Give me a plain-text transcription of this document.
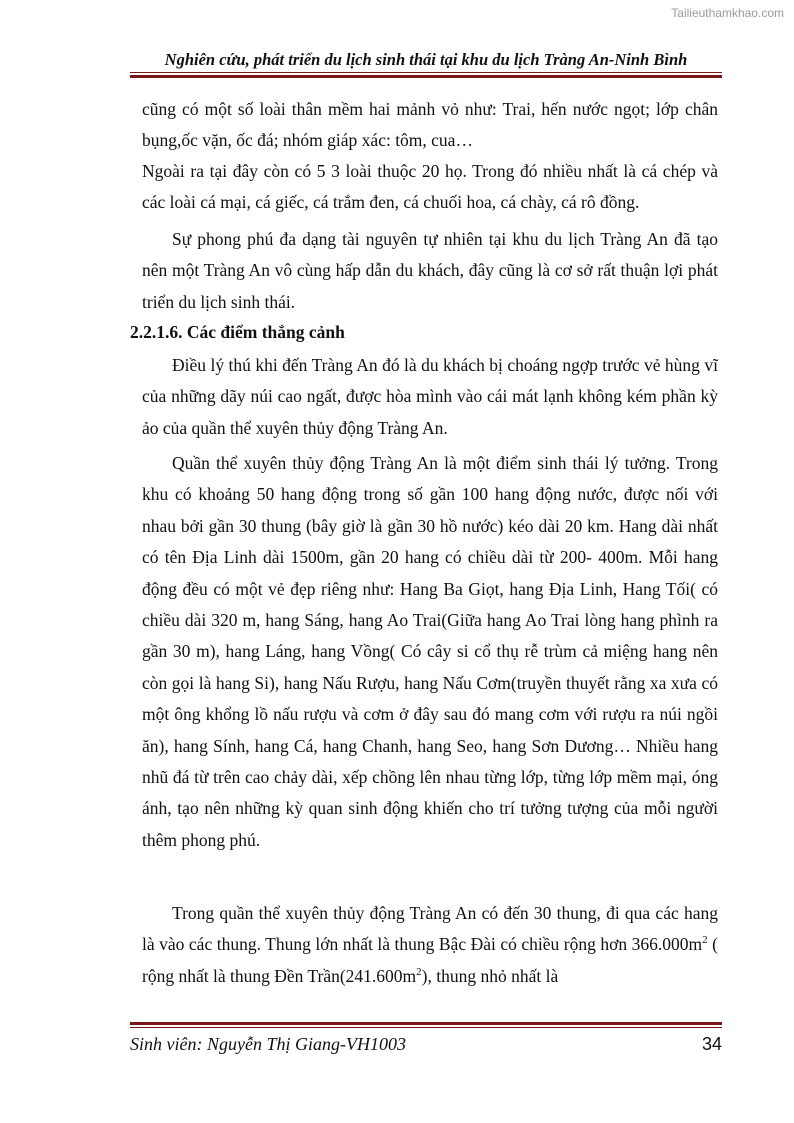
Tailieuthamkhao.com
Nghiên cứu, phát triển du lịch sinh thái tại khu du lịch Tràng An-Ninh Bình

cũng có một số loài thân mềm hai mảnh vỏ như: Trai, hến nước ngọt; lớp chân bụng,ốc vặn, ốc đá; nhóm giáp xác: tôm, cua…

Ngoài ra tại đây còn có 5 3 loài thuộc 20 họ. Trong đó nhiều nhất là cá chép và các loài cá mại, cá giếc, cá trắm đen, cá chuối hoa, cá chày, cá rô đồng.

Sự phong phú đa dạng tài nguyên tự nhiên tại khu du lịch Tràng An đã tạo nên một Tràng An vô cùng hấp dẫn du khách, đây cũng là cơ sở rất thuận lợi phát triển du lịch sinh thái.

2.2.1.6. Các điểm thắng cảnh

Điều lý thú khi đến Tràng An đó là du khách bị choáng ngợp trước vẻ hùng vĩ của những dãy núi cao ngất, được hòa mình vào cái mát lạnh không kém phần kỳ ảo của quần thể xuyên thủy động Tràng An.

Quần thể xuyên thủy động Tràng An là một điểm sinh thái lý tưởng. Trong khu có khoảng 50 hang động trong số gần 100 hang động nước, được nối với nhau bởi gần 30 thung (bây giờ là gần 30 hồ nước) kéo dài 20 km. Hang dài nhất có tên Địa Linh dài 1500m, gần 20 hang có chiều dài từ 200- 400m. Mỗi hang động đều có một vẻ đẹp riêng như: Hang Ba Giọt, hang Địa Linh, Hang Tối( có chiều dài 320 m, hang Sáng, hang Ao Trai(Giữa hang Ao Trai lòng hang phình ra gần 30 m), hang Láng, hang Vồng( Có cây si cổ thụ rễ trùm cả miệng hang nên còn gọi là hang Si), hang Nấu Rượu, hang Nấu Cơm(truyền thuyết rằng xa xưa có một ông khổng lồ nấu rượu và cơm ở đây sau đó mang cơm với rượu ra núi ngồi ăn), hang Sính, hang Cá, hang Chanh, hang Seo, hang Sơn Dương… Nhiều hang nhũ đá từ trên cao chảy dài, xếp chồng lên nhau từng lớp, từng lớp mềm mại, óng ánh, tạo nên những kỳ quan sinh động khiến cho trí tưởng tượng của mỗi người thêm phong phú.

Trong quần thể xuyên thủy động Tràng An có đến 30 thung, đi qua các hang là vào các thung. Thung lớn nhất là thung Bậc Đài có chiều rộng hơn $366.000m^2$ ( rộng nhất là thung Đền $Trần(241.600m^2)$, thung nhỏ nhất là

Sinh viên: Nguyễn Thị Giang-VH1003	34
